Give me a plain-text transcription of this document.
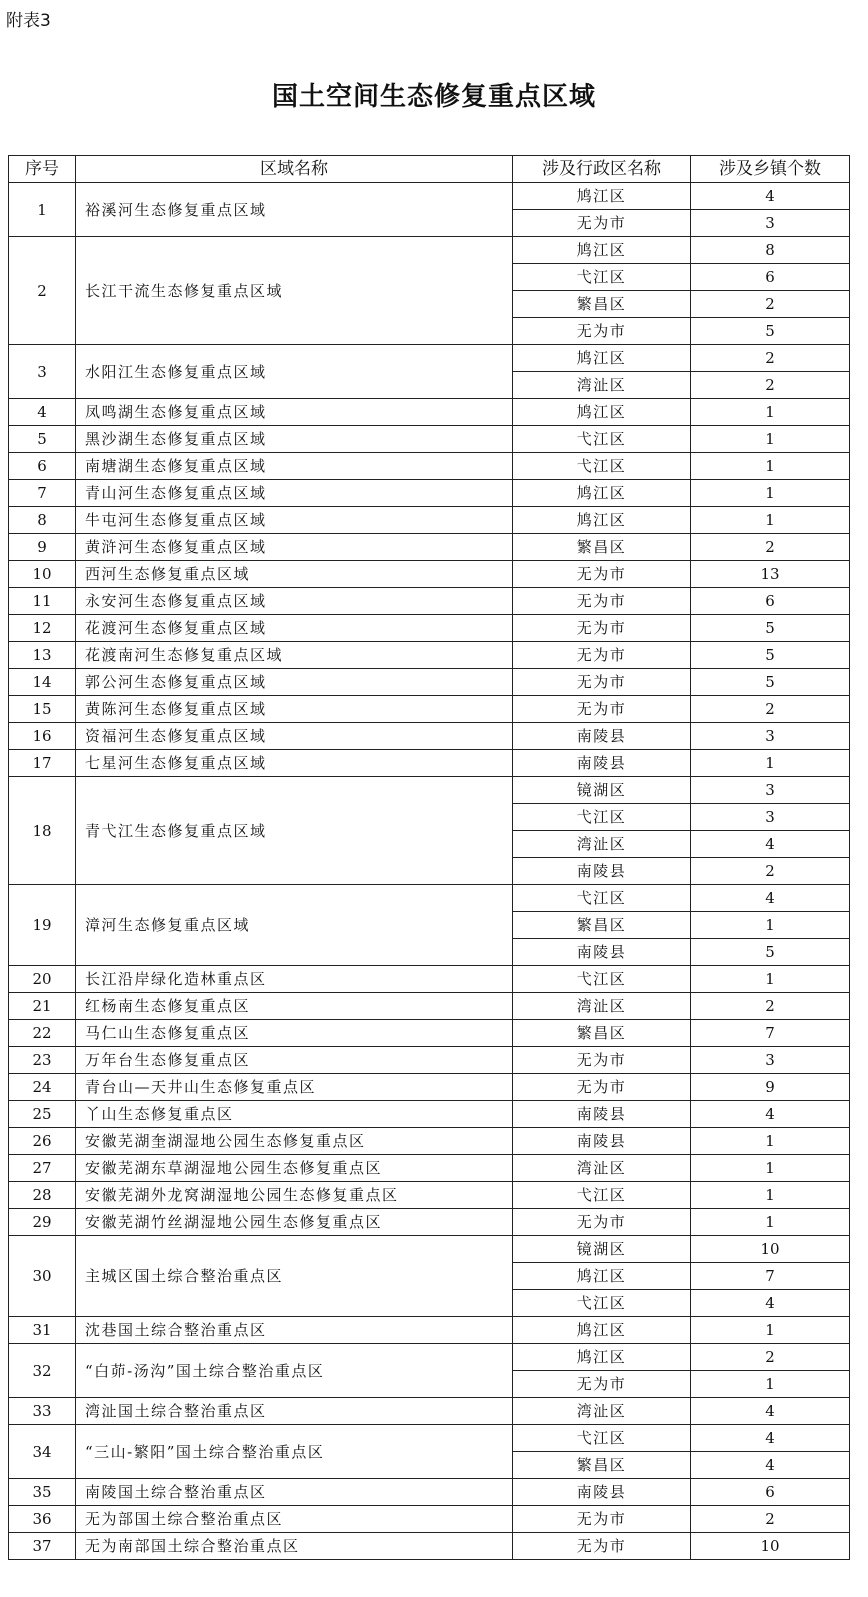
附表3
国土空间生态修复重点区域
序号	区域名称	涉及行政区名称	涉及乡镇个数
1	裕溪河生态修复重点区域	鸠江区	4
		无为市	3
2	长江干流生态修复重点区域	鸠江区	8
		弋江区	6
		繁昌区	2
		无为市	5
3	水阳江生态修复重点区域	鸠江区	2
		湾沚区	2
4	凤鸣湖生态修复重点区域	鸠江区	1
5	黑沙湖生态修复重点区域	弋江区	1
6	南塘湖生态修复重点区域	弋江区	1
7	青山河生态修复重点区域	鸠江区	1
8	牛屯河生态修复重点区域	鸠江区	1
9	黄浒河生态修复重点区域	繁昌区	2
10	西河生态修复重点区域	无为市	13
11	永安河生态修复重点区域	无为市	6
12	花渡河生态修复重点区域	无为市	5
13	花渡南河生态修复重点区域	无为市	5
14	郭公河生态修复重点区域	无为市	5
15	黄陈河生态修复重点区域	无为市	2
16	资福河生态修复重点区域	南陵县	3
17	七星河生态修复重点区域	南陵县	1
18	青弋江生态修复重点区域	镜湖区	3
		弋江区	3
		湾沚区	4
		南陵县	2
19	漳河生态修复重点区域	弋江区	4
		繁昌区	1
		南陵县	5
20	长江沿岸绿化造林重点区	弋江区	1
21	红杨南生态修复重点区	湾沚区	2
22	马仁山生态修复重点区	繁昌区	7
23	万年台生态修复重点区	无为市	3
24	青台山—天井山生态修复重点区	无为市	9
25	丫山生态修复重点区	南陵县	4
26	安徽芜湖奎湖湿地公园生态修复重点区	南陵县	1
27	安徽芜湖东草湖湿地公园生态修复重点区	湾沚区	1
28	安徽芜湖外龙窝湖湿地公园生态修复重点区	弋江区	1
29	安徽芜湖竹丝湖湿地公园生态修复重点区	无为市	1
30	主城区国土综合整治重点区	镜湖区	10
		鸠江区	7
		弋江区	4
31	沈巷国土综合整治重点区	鸠江区	1
32	“白茆-汤沟”国土综合整治重点区	鸠江区	2
		无为市	1
33	湾沚国土综合整治重点区	湾沚区	4
34	“三山-繁阳”国土综合整治重点区	弋江区	4
		繁昌区	4
35	南陵国土综合整治重点区	南陵县	6
36	无为部国土综合整治重点区	无为市	2
37	无为南部国土综合整治重点区	无为市	10
